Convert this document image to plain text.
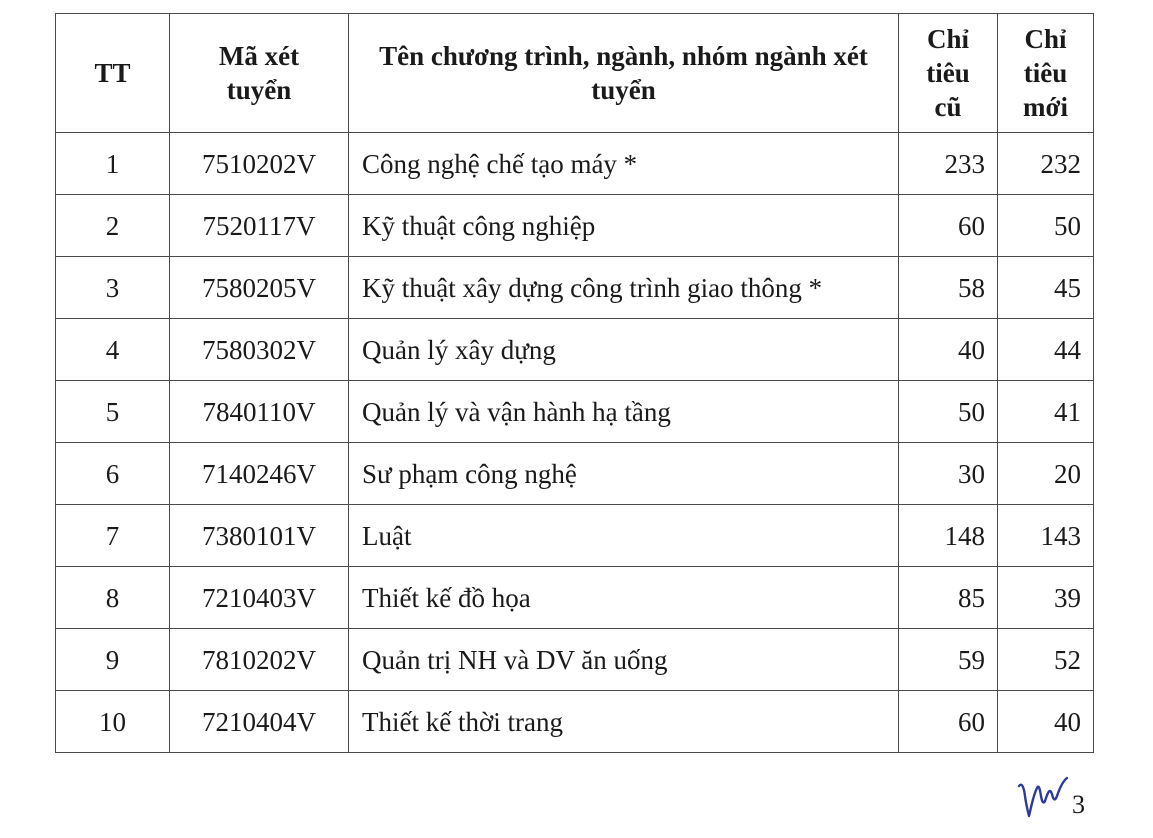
TT	Mã xét tuyển	Tên chương trình, ngành, nhóm ngành xét tuyển	Chỉ tiêu cũ	Chỉ tiêu mới
1	7510202V	Công nghệ chế tạo máy *	233	232
2	7520117V	Kỹ thuật công nghiệp	60	50
3	7580205V	Kỹ thuật xây dựng công trình giao thông *	58	45
4	7580302V	Quản lý xây dựng	40	44
5	7840110V	Quản lý và vận hành hạ tầng	50	41
6	7140246V	Sư phạm công nghệ	30	20
7	7380101V	Luật	148	143
8	7210403V	Thiết kế đồ họa	85	39
9	7810202V	Quản trị NH và DV ăn uống	59	52
10	7210404V	Thiết kế thời trang	60	40
3
